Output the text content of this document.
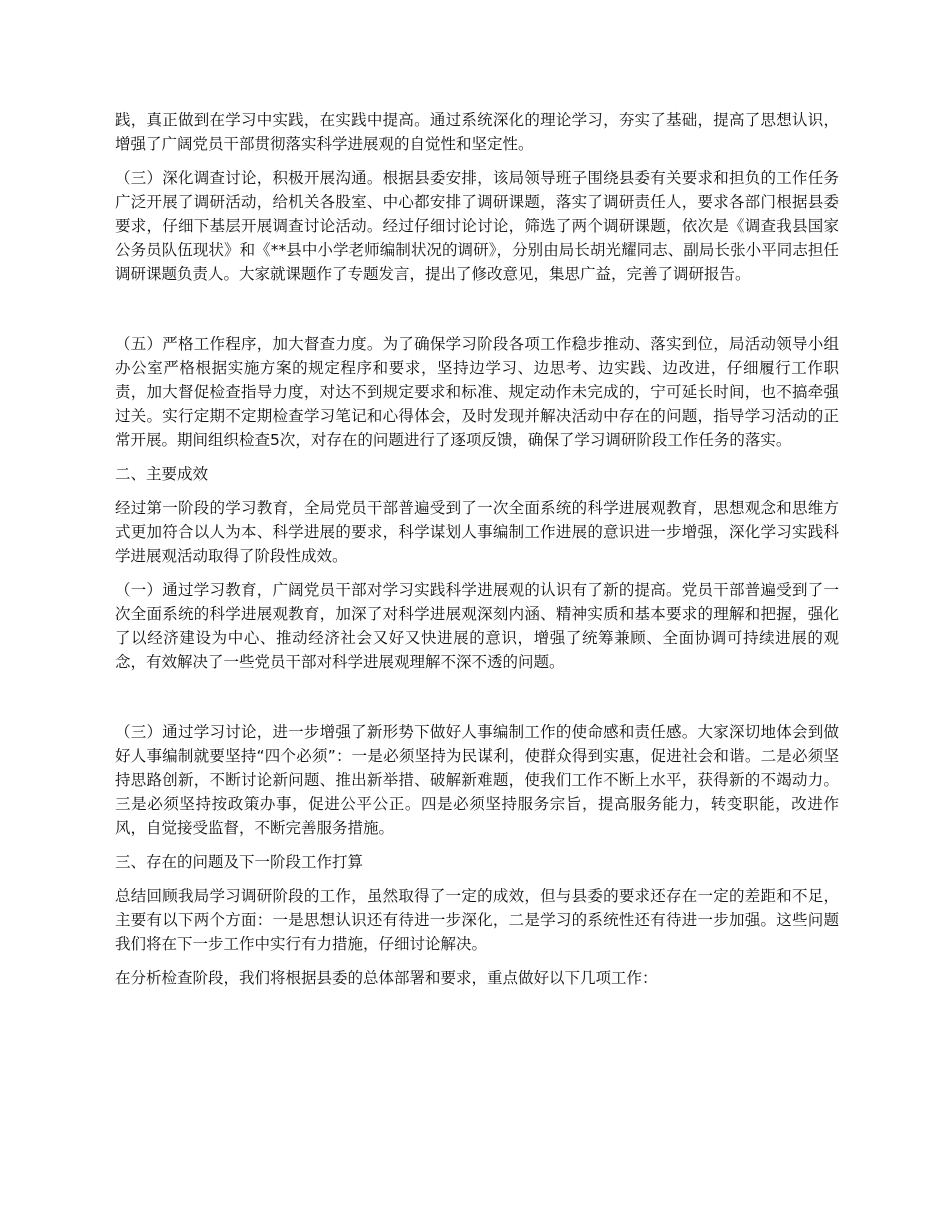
践，真正做到在学习中实践，在实践中提高。通过系统深化的理论学习，夯实了基础，提高了思想认识，增强了广阔党员干部贯彻落实科学进展观的自觉性和坚定性。

（三）深化调查讨论，积极开展沟通。根据县委安排，该局领导班子围绕县委有关要求和担负的工作任务广泛开展了调研活动，给机关各股室、中心都安排了调研课题，落实了调研责任人，要求各部门根据县委要求，仔细下基层开展调查讨论活动。经过仔细讨论讨论，筛选了两个调研课题，依次是《调查我县国家公务员队伍现状》和《**县中小学老师编制状况的调研》，分别由局长胡光耀同志、副局长张小平同志担任调研课题负责人。大家就课题作了专题发言，提出了修改意见，集思广益，完善了调研报告。

（五）严格工作程序，加大督查力度。为了确保学习阶段各项工作稳步推动、落实到位，局活动领导小组办公室严格根据实施方案的规定程序和要求，坚持边学习、边思考、边实践、边改进，仔细履行工作职责，加大督促检查指导力度，对达不到规定要求和标准、规定动作未完成的，宁可延长时间，也不搞牵强过关。实行定期不定期检查学习笔记和心得体会，及时发现并解决活动中存在的问题，指导学习活动的正常开展。期间组织检查5次，对存在的问题进行了逐项反馈，确保了学习调研阶段工作任务的落实。

二、主要成效

经过第一阶段的学习教育，全局党员干部普遍受到了一次全面系统的科学进展观教育，思想观念和思维方式更加符合以人为本、科学进展的要求，科学谋划人事编制工作进展的意识进一步增强，深化学习实践科学进展观活动取得了阶段性成效。

（一）通过学习教育，广阔党员干部对学习实践科学进展观的认识有了新的提高。党员干部普遍受到了一次全面系统的科学进展观教育，加深了对科学进展观深刻内涵、精神实质和基本要求的理解和把握，强化了以经济建设为中心、推动经济社会又好又快进展的意识，增强了统筹兼顾、全面协调可持续进展的观念，有效解决了一些党员干部对科学进展观理解不深不透的问题。

（三）通过学习讨论，进一步增强了新形势下做好人事编制工作的使命感和责任感。大家深切地体会到做好人事编制就要坚持“四个必须”：一是必须坚持为民谋利，使群众得到实惠，促进社会和谐。二是必须坚持思路创新，不断讨论新问题、推出新举措、破解新难题，使我们工作不断上水平，获得新的不竭动力。三是必须坚持按政策办事，促进公平公正。四是必须坚持服务宗旨，提高服务能力，转变职能，改进作风，自觉接受监督，不断完善服务措施。

三、存在的问题及下一阶段工作打算

总结回顾我局学习调研阶段的工作，虽然取得了一定的成效，但与县委的要求还存在一定的差距和不足，主要有以下两个方面：一是思想认识还有待进一步深化，二是学习的系统性还有待进一步加强。这些问题我们将在下一步工作中实行有力措施，仔细讨论解决。

在分析检查阶段，我们将根据县委的总体部署和要求，重点做好以下几项工作：
